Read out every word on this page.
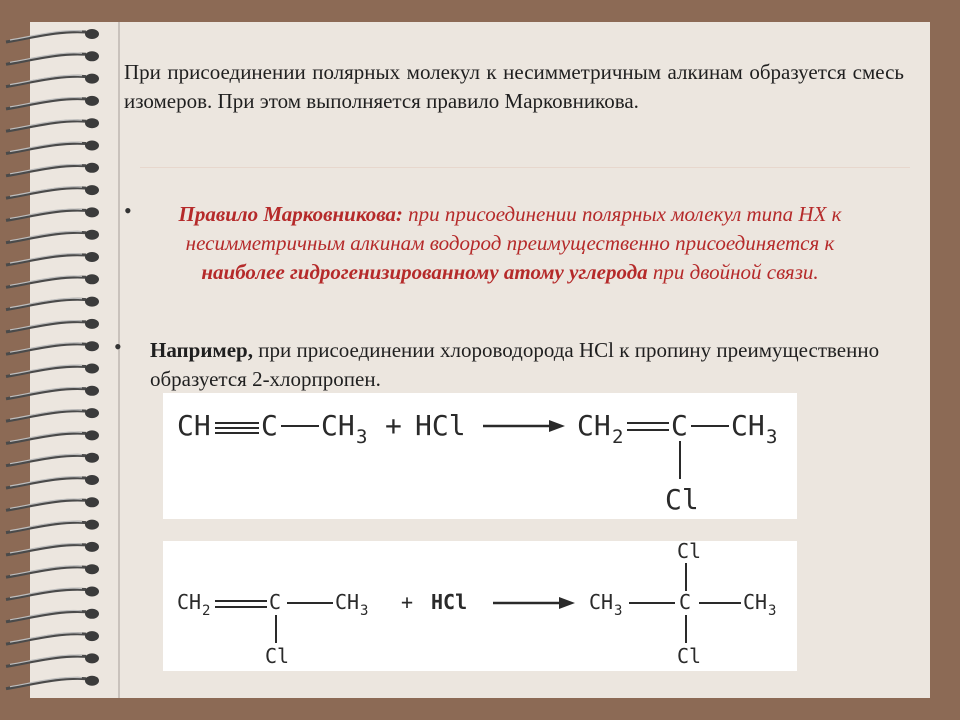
При присоединении полярных молекул к несимметричным алкинам образуется смесь изомеров. При этом выполняется правило Марковникова.
•	Правило Марковникова: при присоединении полярных молекул типа НХ к несимметричным алкинам водород преимущественно присоединяется к наиболее гидрогенизированному атому углерода при двойной связи.
• Например, при присоединении хлороводорода HCl к пропину преимущественно образуется 2-хлорпропен.
CH C CH 3 + HCl	CH 2 C CH 3
Cl
CH 2	C	CH 3
Cl
+ HCl	CH 3	C	CH 3
Cl
Cl
